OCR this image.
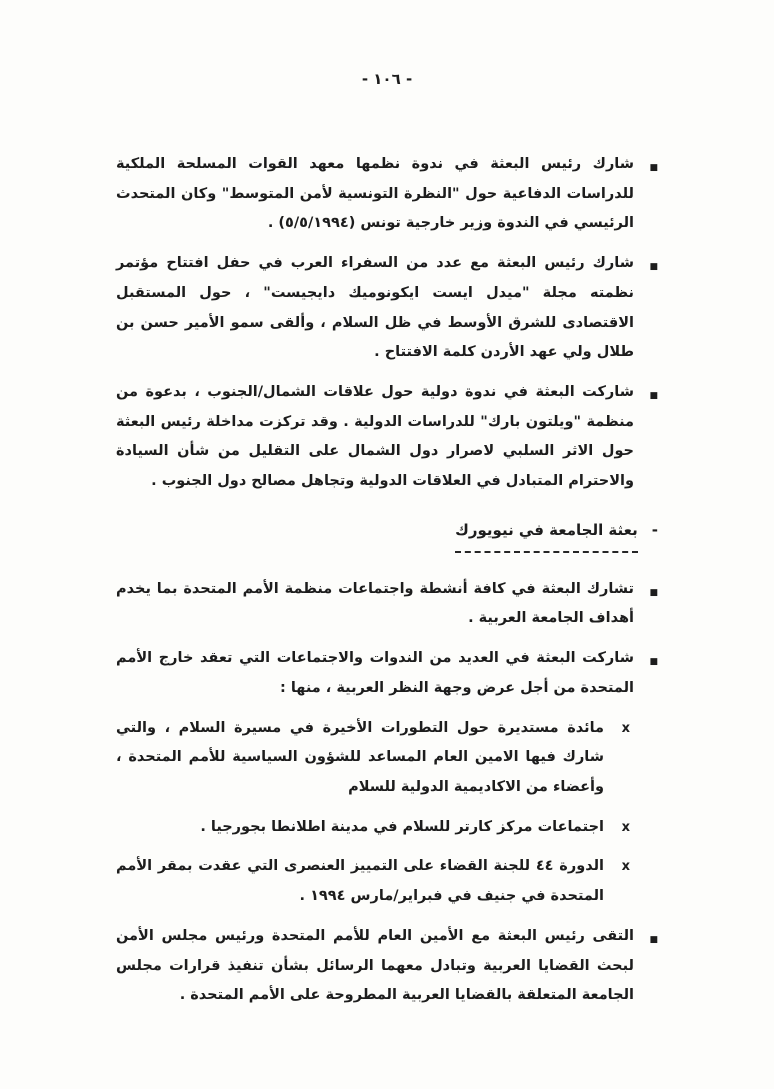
- ١٠٦ -
■

شارك رئيس البعثة في ندوة نظمها معهد القوات المسلحة الملكية للدراسات الدفاعية حول "النظرة التونسية لأمن المتوسط" وكان المتحدث الرئيسي في الندوة وزير خارجية تونس (٥/٥/١٩٩٤) .

■

شارك رئيس البعثة مع عدد من السفراء العرب في حفل افتتاح مؤتمر نظمته مجلة "ميدل ايست ايكونوميك دايجيست" ، حول المستقبل الاقتصادى للشرق الأوسط في ظل السلام ، وألقى سمو الأمير حسن بن طلال ولي عهد الأردن كلمة الافتتاح .

■

شاركت البعثة في ندوة دولية حول علاقات الشمال/الجنوب ، بدعوة من منظمة "ويلتون بارك" للدراسات الدولية . وقد تركزت مداخلة رئيس البعثة حول الاثر السلبي لاصرار دول الشمال على التقليل من شأن السيادة والاحترام المتبادل في العلاقات الدولية وتجاهل مصالح دول الجنوب .

-
بعثة الجامعة في نيويورك
■

تشارك البعثة في كافة أنشطة واجتماعات منظمة الأمم المتحدة بما يخدم أهداف الجامعة العربية .

■

شاركت البعثة في العديد من الندوات والاجتماعات التي تعقد خارج الأمم المتحدة من أجل عرض وجهة النظر العربية ، منها :

x

مائدة مستديرة حول التطورات الأخيرة في مسيرة السلام ، والتي شارك فيها الامين العام المساعد للشؤون السياسية للأمم المتحدة ، وأعضاء من الاكاديمية الدولية للسلام

x

اجتماعات مركز كارتر للسلام في مدينة اطلانطا بجورجيا .

x

الدورة ٤٤ للجنة القضاء على التمييز العنصرى التي عقدت بمقر الأمم المتحدة في جنيف في فبراير/مارس ١٩٩٤ .

■

التقى رئيس البعثة مع الأمين العام للأمم المتحدة ورئيس مجلس الأمن لبحث القضايا العربية وتبادل معهما الرسائل بشأن تنفيذ قرارات مجلس الجامعة المتعلقة بالقضايا العربية المطروحة على الأمم المتحدة .
